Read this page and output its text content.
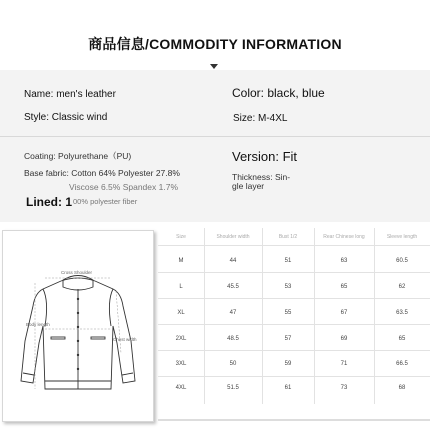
商品信息/COMMODITY INFORMATION
Name: men's leather	Color: black, blue
Style: Classic wind	Size: M-4XL
Coating: Polyurethane（PU)	Version: Fit
Base fabric: Cotton 64% Polyester 27.8%
Viscose 6.5% Spandex 1.7%
Thickness: Sin-
gle layer
Lined: 1 00% polyester fiber
Cross Shoulder
Body length
Chest width
Size	Shoulder width	Bust 1/2	Rear Chinese long	Sleeve length
M	44	51	63	60.5
L	45.5	53	65	62
XL	47	55	67	63.5
2XL	48.5	57	69	65
3XL	50	59	71	66.5
4XL	51.5	61	73	68
